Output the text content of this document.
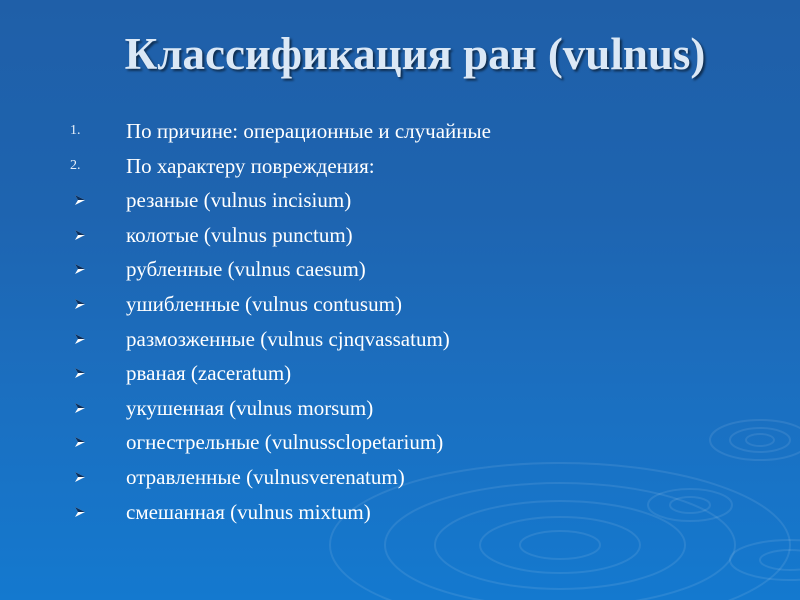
Классификация ран (vulnus)
1.	По причине: операционные и случайные
2.	По характеру повреждения:
резаные (vulnus incisium)
колотые (vulnus punctum)
рубленные (vulnus caesum)
ушибленные (vulnus contusum)
размозженные (vulnus cjnqvassatum)
рваная (zaceratum)
укушенная (vulnus morsum)
огнестрельные (vulnussclopetarium)
отравленные (vulnusverenatum)
смешанная (vulnus mixtum)
